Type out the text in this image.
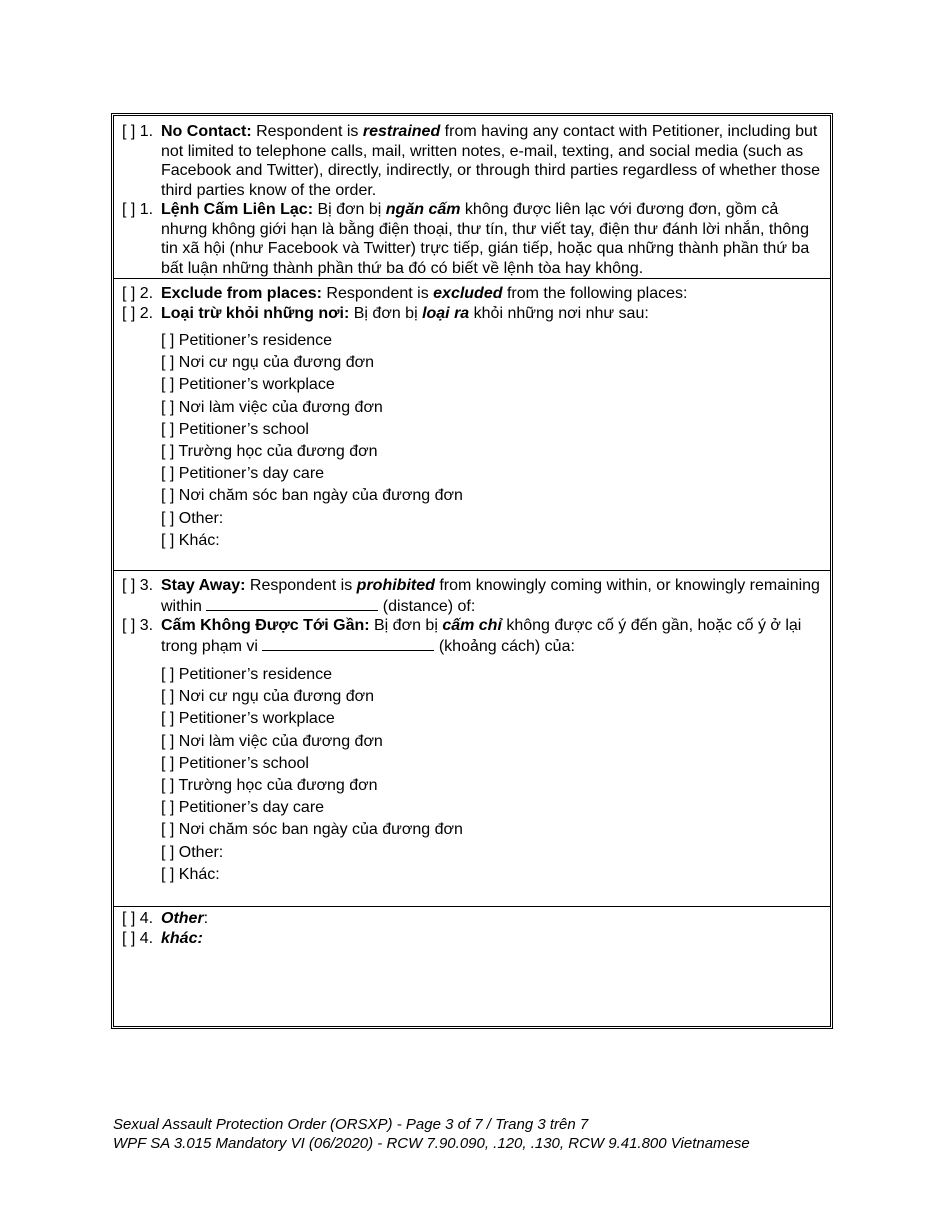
[ ] 1. No Contact: Respondent is restrained from having any contact with Petitioner, including but not limited to telephone calls, mail, written notes, e-mail, texting, and social media (such as Facebook and Twitter), directly, indirectly, or through third parties regardless of whether those third parties know of the order.

[ ] 1. Lệnh Cấm Liên Lạc: Bị đơn bị ngăn cấm không được liên lạc với đương đơn, gồm cả nhưng không giới hạn là bằng điện thoại, thư tín, thư viết tay, điện thư đánh lời nhắn, thông tin xã hội (như Facebook và Twitter) trực tiếp, gián tiếp, hoặc qua những thành phần thứ ba bất luận những thành phần thứ ba đó có biết về lệnh tòa hay không.

[ ] 2. Exclude from places: Respondent is excluded from the following places:

[ ] 2. Loại trừ khỏi những nơi: Bị đơn bị loại ra khỏi những nơi như sau:

[ ] Petitioner’s residence
[ ] Nơi cư ngụ của đương đơn
[ ] Petitioner’s workplace
[ ] Nơi làm việc của đương đơn
[ ] Petitioner’s school
[ ] Trường học của đương đơn
[ ] Petitioner’s day care
[ ] Nơi chăm sóc ban ngày của đương đơn
[ ] Other:
[ ] Khác:

[ ] 3. Stay Away: Respondent is prohibited from knowingly coming within, or knowingly remaining within	(distance) of:

[ ] 3. Cấm Không Được Tới Gần: Bị đơn bị cấm chỉ không được cố ý đến gần, hoặc cố ý ở lại trong phạm vi	(khoảng cách) của:

[ ] Petitioner’s residence
[ ] Nơi cư ngụ của đương đơn
[ ] Petitioner’s workplace
[ ] Nơi làm việc của đương đơn
[ ] Petitioner’s school
[ ] Trường học của đương đơn
[ ] Petitioner’s day care
[ ] Nơi chăm sóc ban ngày của đương đơn
[ ] Other:
[ ] Khác:

[ ] 4. Other:

[ ] 4. khác:

Sexual Assault Protection Order (ORSXP) - Page 3 of 7 / Trang 3 trên 7
WPF SA 3.015 Mandatory VI (06/2020) - RCW 7.90.090, .120, .130, RCW 9.41.800 Vietnamese
